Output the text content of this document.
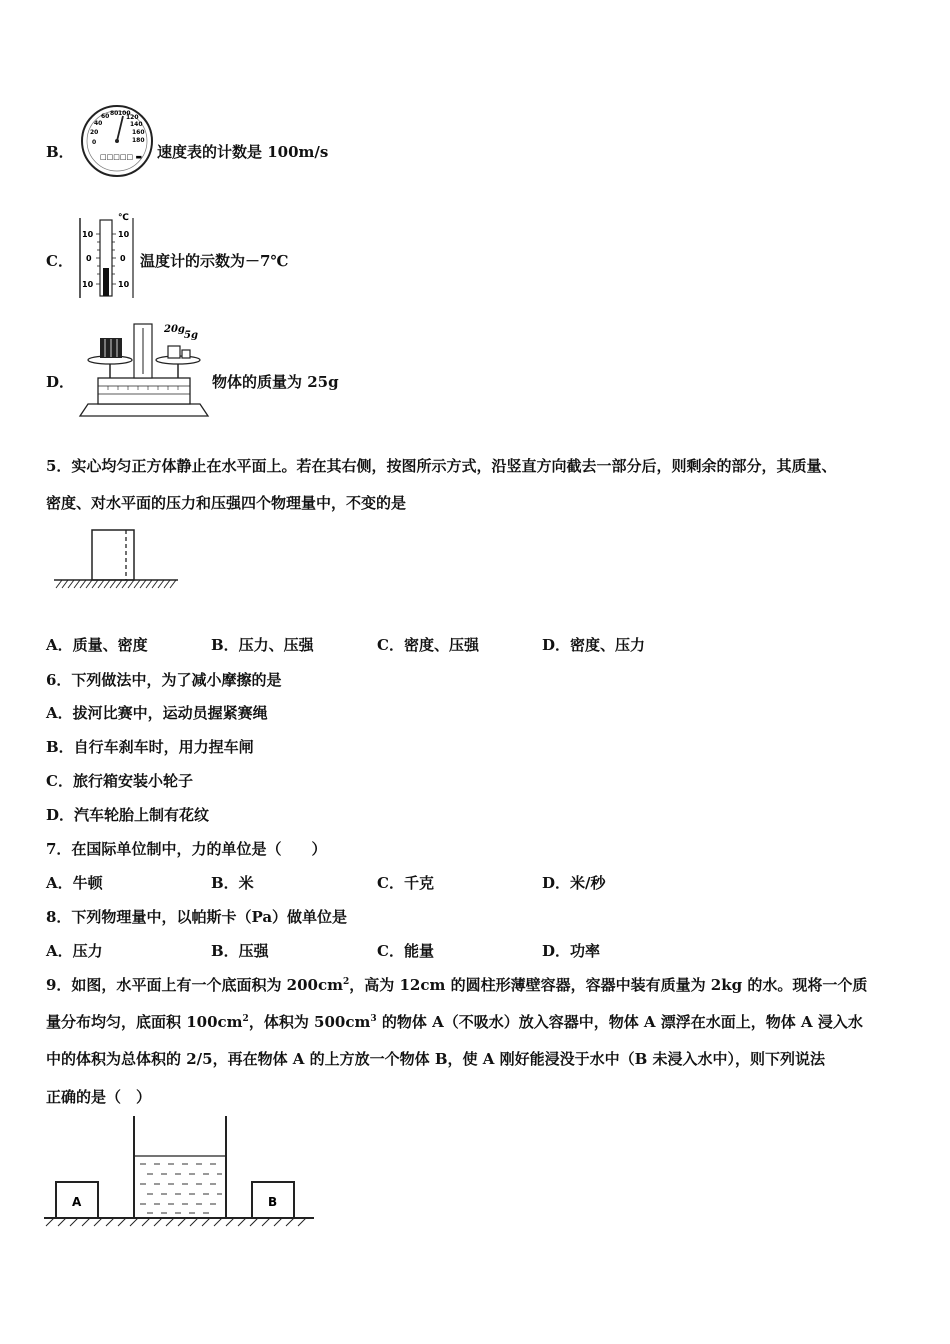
B．
0
20
40
60 80 100
120
140
160
180
□□□□□ ▬ 速度表的计数是 100m/s
C．
℃
10
0
10
10
0
10
温度计的示数为－7℃
D．
20g
5g
物体的质量为 25g
5．实心均匀正方体静止在水平面上。若在其右侧，按图所示方式，沿竖直方向截去一部分后，则剩余的部分，其质量、
密度、对水平面的压力和压强四个物理量中，不变的是
A．质量、密度	B．压力、压强	C．密度、压强	D．密度、压力
6．下列做法中，为了减小摩擦的是
A．拔河比赛中，运动员握紧赛绳
B．自行车刹车时，用力捏车闸
C．旅行箱安装小轮子
D．汽车轮胎上制有花纹
7．在国际单位制中，力的单位是（　　）
A．牛顿	B．米	C．千克	D．米/秒
8．下列物理量中，以帕斯卡（Pa）做单位是
A．压力	B．压强	C．能量	D．功率
9．如图，水平面上有一个底面积为 $200cm^2$，高为 12cm 的圆柱形薄壁容器，容器中装有质量为 2kg 的水。现将一个质
量分布均匀，底面积 $100cm^2$，体积为 $500cm^3$ 的物体 A（不吸水）放入容器中，物体 A 漂浮在水面上，物体 A 浸入水
中的体积为总体积的 2/5，再在物体 A 的上方放一个物体 B，使 A 刚好能浸没于水中（B 未浸入水中），则下列说法
正确的是（　）
A	B
